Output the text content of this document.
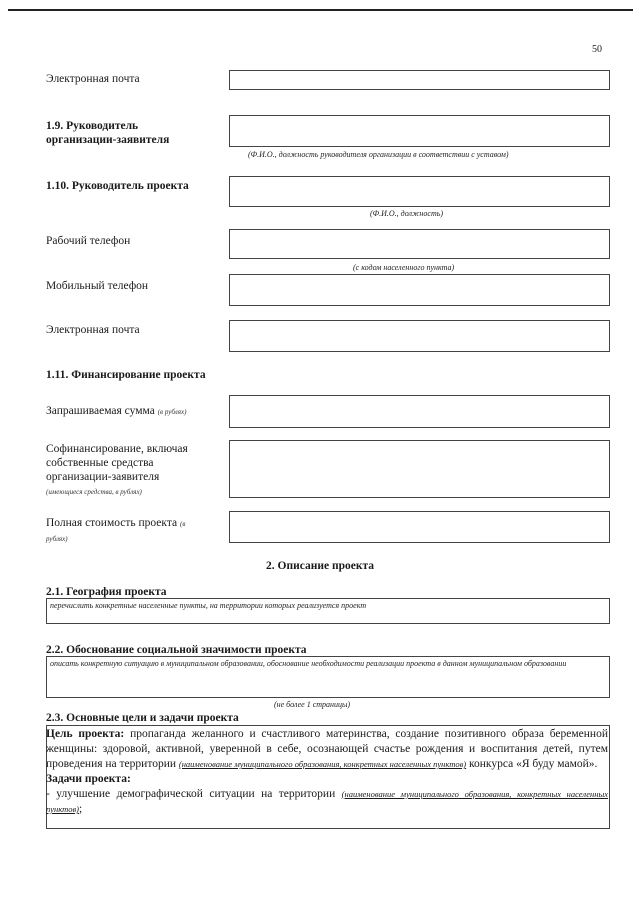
50
Электронная почта
1.9. Руководитель организации-заявителя
(Ф.И.О., должность руководителя организации в соответствии с уставом)
1.10. Руководитель проекта
(Ф.И.О., должность)
Рабочий телефон
(с кодом населенного пункта)
Мобильный телефон
Электронная почта
1.11. Финансирование проекта
Запрашиваемая сумма (в рублях)
Софинансирование, включая собственные средства организации-заявителя
(имеющиеся средства, в рублях)
Полная стоимость проекта (в рублях)
2. Описание проекта
2.1. География проекта
перечислить конкретные населенные пункты, на территории которых реализуется проект
2.2. Обоснование социальной значимости проекта
описать конкретную ситуацию в муниципальном образовании, обоснование необходимости реализации проекта в данном муниципальном образовании
(не более 1 страницы)
2.3. Основные цели и задачи проекта
Цель проекта: пропаганда желанного и счастливого материнства, создание позитивного образа беременной женщины: здоровой, активной, уверенной в себе, осознающей счастье рождения и воспитания детей, путем проведения на территории (наименование муниципального образования, конкретных населенных пунктов) конкурса «Я буду мамой».
Задачи проекта:
- улучшение демографической ситуации на территории (наименование муниципального образования, конкретных населенных пунктов);
